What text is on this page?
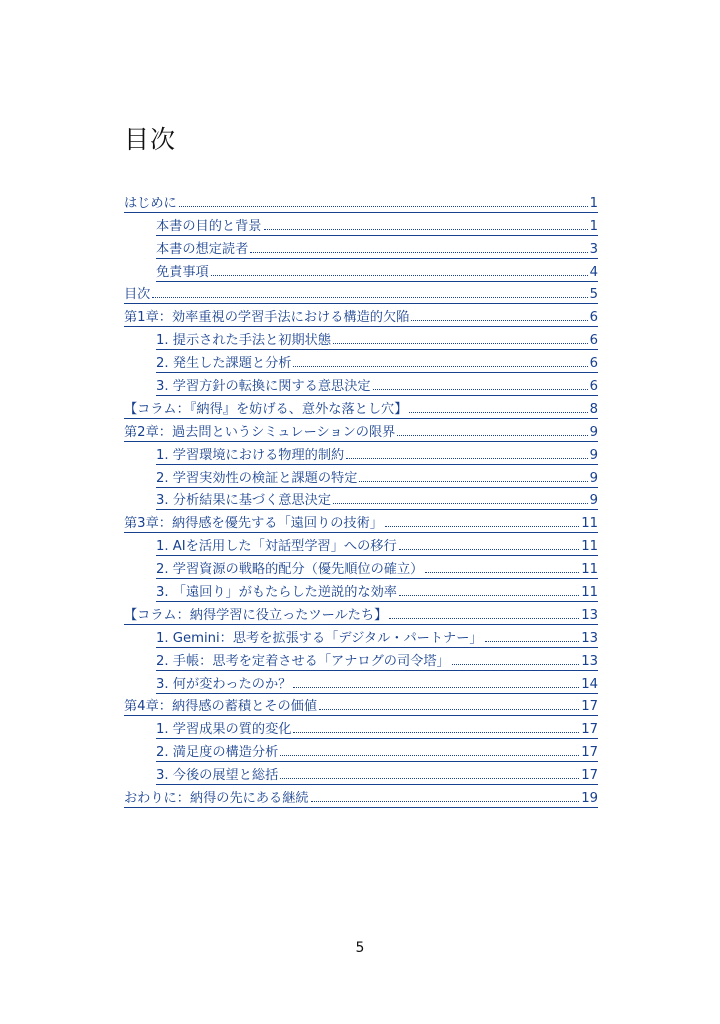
目次
はじめに	1
本書の目的と背景	1
本書の想定読者	3
免責事項	4
目次	5
第1章：効率重視の学習手法における構造的欠陥	6
1. 提示された手法と初期状態	6
2. 発生した課題と分析	6
3. 学習方針の転換に関する意思決定	6
【コラム：『納得』を妨げる、意外な落とし穴】	8
第2章：過去問というシミュレーションの限界	9
1. 学習環境における物理的制約	9
2. 学習実効性の検証と課題の特定	9
3. 分析結果に基づく意思決定	9
第3章：納得感を優先する「遠回りの技術」	11
1. AIを活用した「対話型学習」への移行	11
2. 学習資源の戦略的配分（優先順位の確立）	11
3. 「遠回り」がもたらした逆説的な効率	11
【コラム：納得学習に役立ったツールたち】	13
1. Gemini：思考を拡張する「デジタル・パートナー」	13
2. 手帳：思考を定着させる「アナログの司令塔」	13
3. 何が変わったのか？	14
第4章：納得感の蓄積とその価値	17
1. 学習成果の質的変化	17
2. 満足度の構造分析	17
3. 今後の展望と総括	17
おわりに：納得の先にある継続	19
5
